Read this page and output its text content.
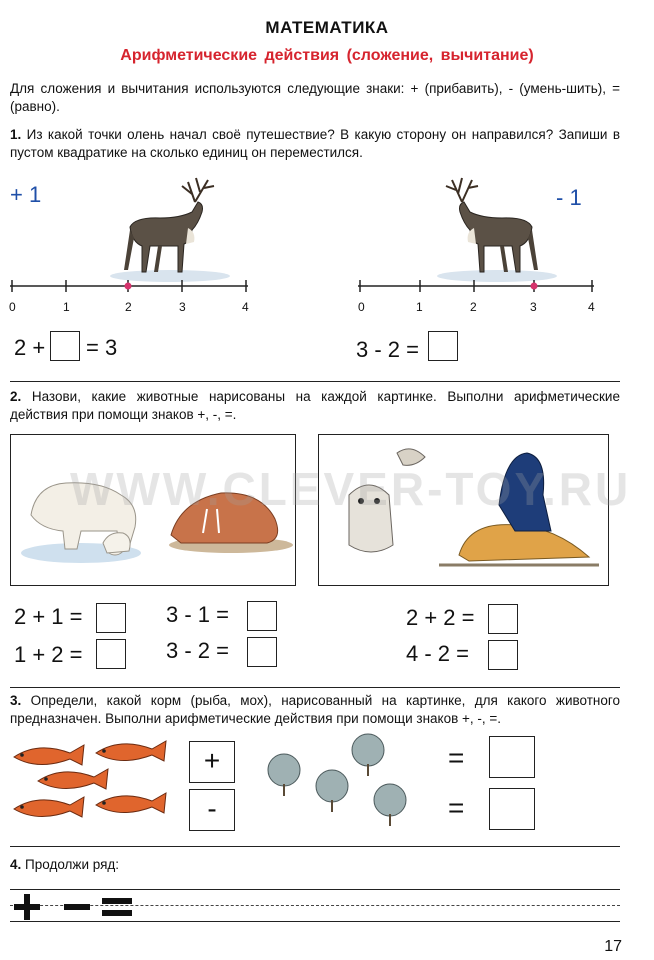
МАТЕМАТИКА
Арифметические действия (сложение, вычитание)
Для сложения и вычитания используются следующие знаки: + (прибавить), - (умень-шить), = (равно).
1. Из какой точки олень начал своё путешествие? В какую сторону он направился? Запиши в пустом квадратике на сколько единиц он переместился.
+ 1	- 1
0	1	2	3	4	0	1	2	3	4
2 + = 3	3 - 2 =
2. Назови, какие животные нарисованы на каждой картинке. Выполни арифметические действия при помощи знаков +, -, =.
WWW.CLEVER-TOY.RU
2 + 1 =
1 + 2 =
3 - 1 =
3 - 2 =
2 + 2 =
4 - 2 =
3. Определи, какой корм (рыба, мох), нарисованный на картинке, для какого животного предназначен. Выполни арифметические действия при помощи знаков +, -, =.
+
-
=
=
4. Продолжи ряд:
17
